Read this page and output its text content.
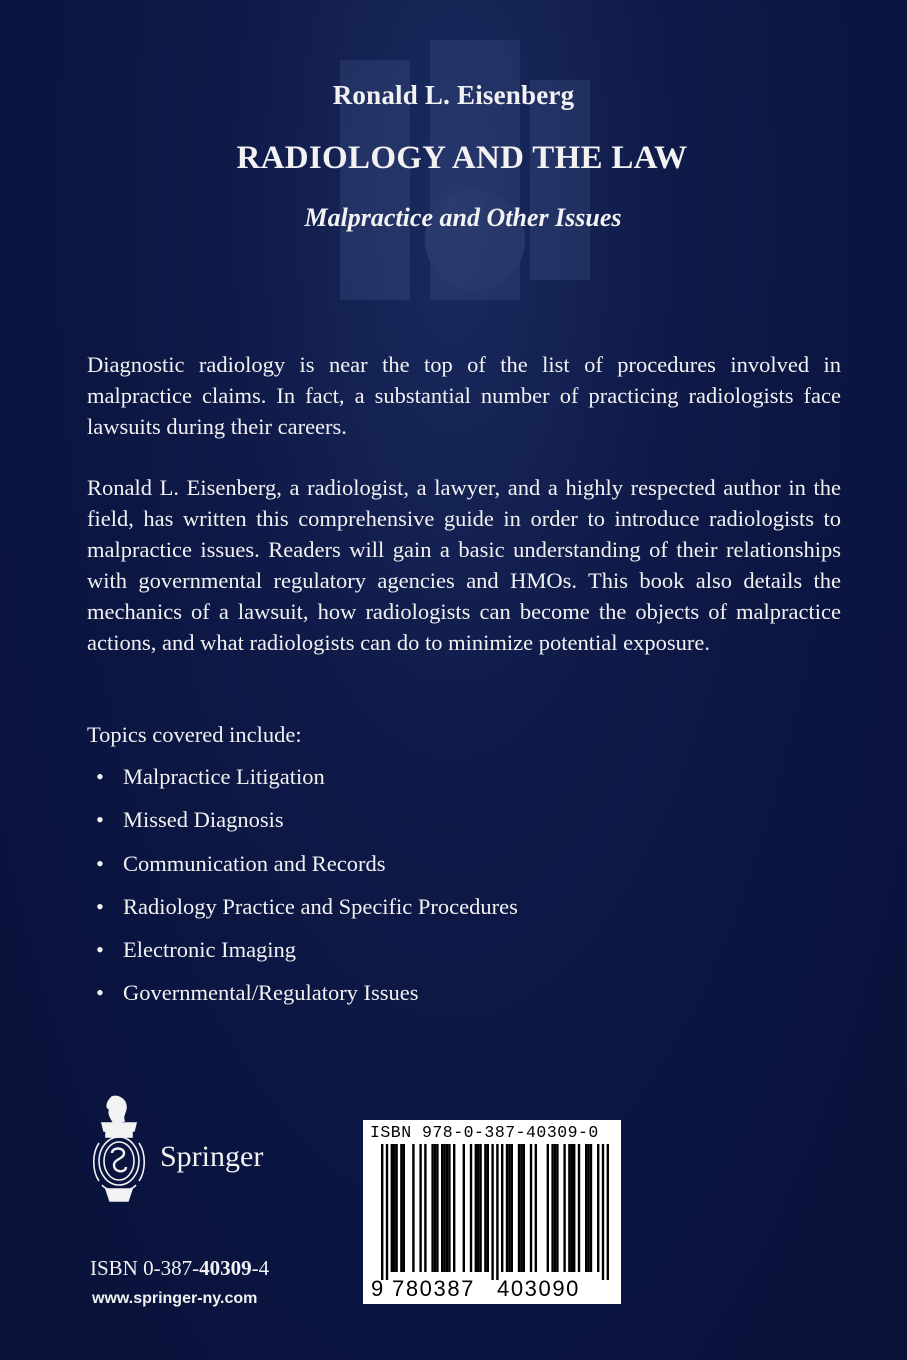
Ronald L. Eisenberg
RADIOLOGY AND THE LAW
Malpractice and Other Issues

Diagnostic radiology is near the top of the list of procedures involved in malpractice claims. In fact, a substantial number of practicing radiologists face lawsuits during their careers.

Ronald L. Eisenberg, a radiologist, a lawyer, and a highly respected author in the field, has written this comprehensive guide in order to introduce radiologists to malpractice issues. Readers will gain a basic understanding of their relationships with governmental regulatory agencies and HMOs. This book also details the mechanics of a lawsuit, how radiologists can become the objects of malpractice actions, and what radiologists can do to minimize potential exposure.

Topics covered include:
• Malpractice Litigation
• Missed Diagnosis
• Communication and Records
• Radiology Practice and Specific Procedures
• Electronic Imaging
• Governmental/Regulatory Issues
Springer
ISBN 0-387-40309-4
www.springer-ny.com
ISBN 978-0-387-40309-0
9 780387 403090
